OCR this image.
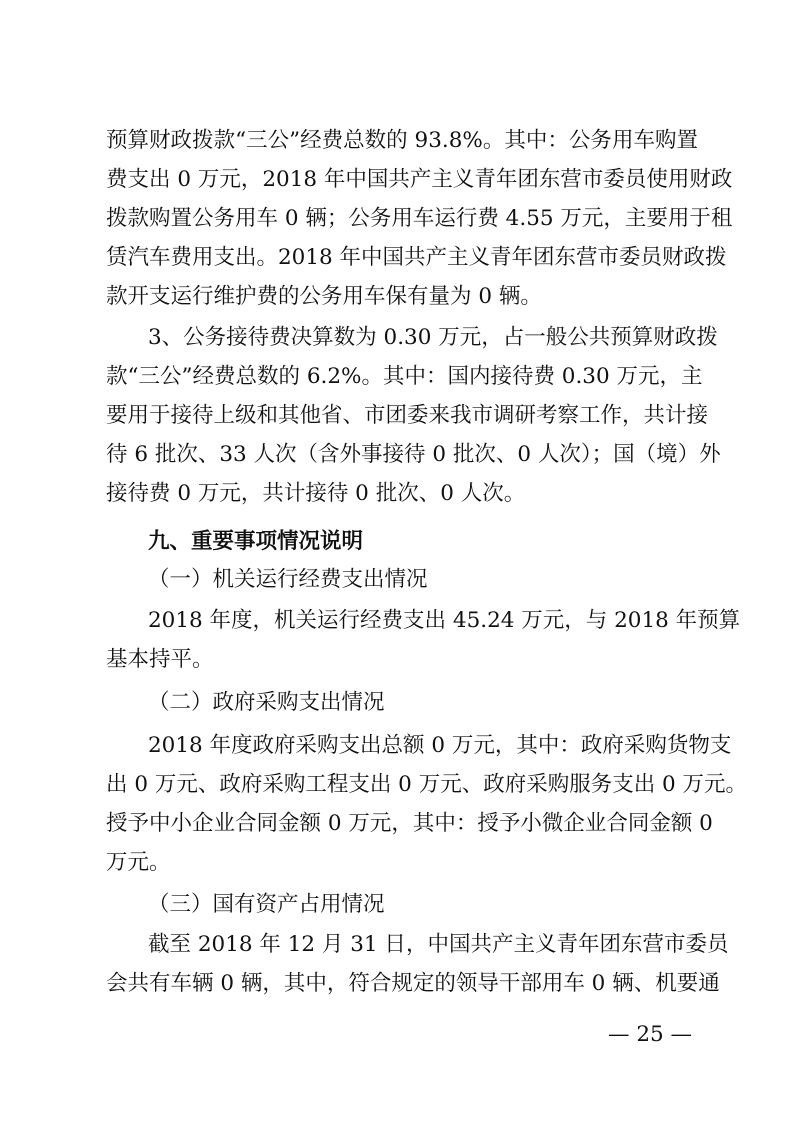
预算财政拨款“三公”经费总数的 93.8%。其中：公务用车购置
费支出 0 万元，2018 年中国共产主义青年团东营市委员使用财政
拨款购置公务用车 0 辆；公务用车运行费 4.55 万元，主要用于租
赁汽车费用支出。2018 年中国共产主义青年团东营市委员财政拨
款开支运行维护费的公务用车保有量为 0 辆。
3、公务接待费决算数为 0.30 万元，占一般公共预算财政拨
款“三公”经费总数的 6.2%。其中：国内接待费 0.30 万元，主
要用于接待上级和其他省、市团委来我市调研考察工作，共计接
待 6 批次、33 人次（含外事接待 0 批次、0 人次）；国（境）外
接待费 0 万元，共计接待 0 批次、0 人次。
九、重要事项情况说明
（一）机关运行经费支出情况
2018 年度，机关运行经费支出 45.24 万元，与 2018 年预算
基本持平。
（二）政府采购支出情况
2018 年度政府采购支出总额 0 万元，其中：政府采购货物支
出 0 万元、政府采购工程支出 0 万元、政府采购服务支出 0 万元。
授予中小企业合同金额 0 万元，其中：授予小微企业合同金额 0
万元。
（三）国有资产占用情况
截至 2018 年 12 月 31 日，中国共产主义青年团东营市委员
会共有车辆 0 辆，其中，符合规定的领导干部用车 0 辆、机要通
— 25 —
